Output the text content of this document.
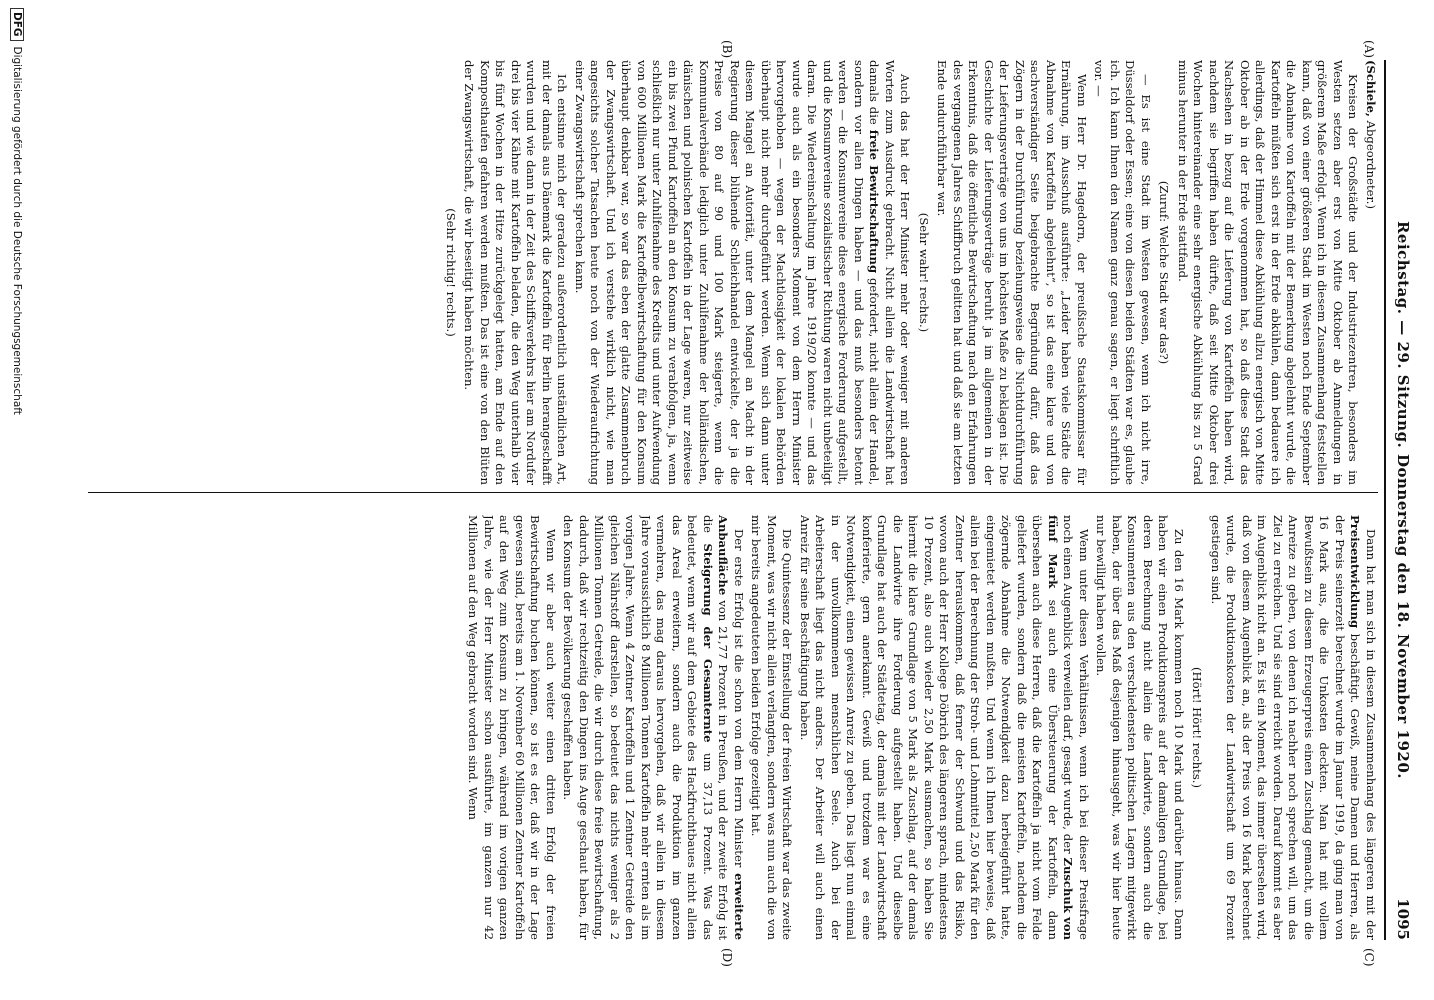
Reichstag. — 29. Sitzung. Donnerstag den 18. November 1920.
1095
(A)
(B)
(C)
(D)

(Schiele, Abgeordneter.)

Kreisen der Großstädte und der Industriezentren, besonders im Westen setzen aber erst von Mitte Oktober ab Anmeldungen in größerem Maße erfolgt. Wenn ich in diesem Zusammenhang feststellen kann, daß von einer größeren Stadt im Westen noch Ende September die Abnahme von Kartoffeln mit der Bemerkung abgelehnt wurde, die Kartoffeln müßten sich erst in der Erde abkühlen, dann bedauere ich allerdings, daß der Himmel diese Abkühlung allzu energisch von Mitte Oktober ab in der Erde vorgenommen hat, so daß diese Stadt das Nachsehen in bezug auf die Lieferung von Kartoffeln haben wird, nachdem sie begriffen haben dürfte, daß seit Mitte Oktober drei Wochen hintereinander eine sehr energische Abkühlung bis zu 5 Grad minus herunter in der Erde stattfand.

(Zuruf: Welche Stadt war das?)

— Es ist eine Stadt im Westen gewesen, wenn ich nicht irre, Düsseldorf oder Essen; eine von diesen beiden Städten war es, glaube ich. Ich kann Ihnen den Namen ganz genau sagen, er liegt schriftlich vor. —

Wenn Herr Dr. Hagedorn, der preußische Staatskommissar für Ernährung, im Ausschuß ausführte: „Leider haben viele Städte die Abnahme von Kartoffeln abgelehnt“, so ist das eine klare und von sachverständiger Seite beigebrachte Begründung dafür, daß das Zögern in der Durchführung beziehungsweise die Nichtdurchführung der Lieferungsverträge von uns im höchsten Maße zu beklagen ist. Die Geschichte der Lieferungsverträge beruht ja im allgemeinen in der Erkenntnis, daß die öffentliche Bewirtschaftung nach den Erfahrungen des vergangenen Jahres Schiffbruch gelitten hat und daß sie am letzten Ende undurchführbar war.

(Sehr wahr! rechts.)

Auch das hat der Herr Minister mehr oder weniger mit anderen Worten zum Ausdruck gebracht. Nicht allein die Landwirtschaft hat damals die freie Bewirtschaftung gefordert, nicht allein der Handel, sondern vor allen Dingen haben — und das muß besonders betont werden — die Konsumvereine diese energische Forderung aufgestellt, und die Konsumvereine sozialistischer Richtung waren nicht unbeteiligt daran. Die Wiedereinschaltung im Jahre 1919/20 konnte — und das wurde auch als ein besonders Moment von dem Herrn Minister hervorgehoben — wegen der Machtlosigkeit der lokalen Behörden überhaupt nicht mehr durchgeführt werden. Wenn sich dann unter diesem Mangel an Autorität, unter dem Mangel an Macht in der Regierung dieser blühende Schleichhandel entwickelte, der ja die Preise von 80 auf 90 und 100 Mark steigerte, wenn die Kommunalverbände lediglich unter Zuhilfenahme der holländischen, dänischen und polnischen Kartoffeln in der Lage waren, nur zeitweise ein bis zwei Pfund Kartoffeln an den Konsum zu verabfolgen, ja, wenn schließlich nur unter Zuhilfenahme des Kredits und unter Aufwendung von 600 Millionen Mark die Kartoffelbewirtschaftung für den Konsum überhaupt denkbar war, so war das eben der glatte Zusammenbruch der Zwangswirtschaft. Und ich verstehe wirklich nicht, wie man angesichts solcher Tatsachen heute noch von der Wiederaufrichtung einer Zwangswirtschaft sprechen kann.

Ich entsinne mich der geradezu außerordentlich unständlichen Art, mit der damals aus Dänemark die Kartoffeln für Berlin herangeschafft wurden und wie dann in der Zeit des Schiffsverkehrs hier am Nordufer drei bis vier Kähne mit Kartoffeln beladen, die den Weg unterhalb vier bis fünf Wochen in der Hitze zurückgelegt hatten, am Ende auf den Komposthaufen gefahren werden mußten. Das ist eine von den Blüten der Zwangswirtschaft, die wir beseitigt haben möchten.

(Sehr richtig! rechts.)

Dann hat man sich in diesem Zusammenhang des längeren mit der Preisentwicklung beschäftigt. Gewiß, meine Damen und Herren, als der Preis seinerzeit berechnet wurde im Januar 1919, da ging man von 16 Mark aus, die die Unkosten deckten. Man hat mit vollem Bewußtsein zu diesem Erzeugerpreis einen Zuschlag gemacht, um die Anreize zu geben, von denen ich nachher noch sprechen will, um das Ziel zu erreichen. Und sie sind erreicht worden. Darauf kommt es aber im Augenblick nicht an. Es ist ein Moment, das immer übersehen wird, daß von diesem Augenblick an, als der Preis von 16 Mark berechnet wurde, die Produktionskosten der Landwirtschaft um 69 Prozent gestiegen sind.

(Hört! Hört! rechts.)

Zu den 16 Mark kommen noch 10 Mark und darüber hinaus. Dann haben wir einen Produktionspreis auf der damaligen Grundlage, bei deren Berechnung nicht allein die Landwirte, sondern auch die Konsumenten aus den verschiedensten politischen Lagern mitgewirkt haben, der über das Maß desjenigen hinausgeht, was wir hier heute nur bewilligt haben wollen.

Wenn unter diesen Verhältnissen, wenn ich bei dieser Preisfrage noch einen Augenblick verweilen darf, gesagt wurde, der Zuschuk von fünf Mark sei auch eine Übersteuerung der Kartoffeln, dann übersehen auch diese Herren, daß die Kartoffeln ja nicht vom Felde geliefert wurden, sondern daß die meisten Kartoffeln, nachdem die zögernde Abnahme die Notwendigkeit dazu herbeigeführt hatte, eingemietet werden mußten. Und wenn ich Ihnen hier beweise, daß allein bei der Berechnung der Stroh- und Lohnmittel 2,50 Mark für den Zentner herauskommen, daß ferner der Schwund und das Risiko, wovon auch der Herr Kollege Döbrich des längeren sprach, mindestens 10 Prozent, also auch wieder 2,50 Mark ausmachen, so haben Sie hiermit die klare Grundlage von 5 Mark als Zuschlag, auf der damals die Landwirte ihre Forderung aufgestellt haben. Und dieselbe Grundlage hat auch der Städtetag, der damals mit der Landwirtschaft konferierte, gern anerkannt. Gewiß und trotzdem war es eine Notwendigkeit, einen gewissen Anreiz zu geben. Das liegt nun einmal in der unvollkommenen menschlichen Seele. Auch bei der Arbeiterschaft liegt das nicht anders. Der Arbeiter will auch einen Anreiz für seine Beschäftigung haben.

Die Quintessenz der Einstellung der freien Wirtschaft war das zweite Moment, was wir nicht allein verlangten, sondern was nun auch die von mir bereits angedeuteten beiden Erfolge gezeitigt hat.

Der erste Erfolg ist die schon von dem Herrn Minister erweiterte Anbaufläche von 21,77 Prozent in Preußen, und der zweite Erfolg ist die Steigerung der Gesamternte um 37,13 Prozent. Was das bedeutet, wenn wir auf dem Gebiete des Hackfruchtbaues nicht allein das Areal erweitern, sondern auch die Produktion im ganzen vermehren, das mag daraus hervorgehen, daß wir allein in diesem Jahre voraussichtlich 8 Millionen Tonnen Kartoffeln mehr ernten als im vorigen Jahre. Wenn 4 Zentner Kartoffeln und 1 Zentner Getreide den gleichen Nährstoff darstellen, so bedeutet das nichts weniger als 2 Millionen Tonnen Getreide, die wir durch diese freie Bewirtschaftung, dadurch, daß wir rechtzeitig den Dingen ins Auge geschaut haben, für den Konsum der Bevölkerung geschaffen haben.

Wenn wir aber auch weiter einen dritten Erfolg der freien Bewirtschaftung buchen können, so ist es der, daß wir in der Lage gewesen sind, bereits am 1. November 60 Millionen Zentner Kartoffeln auf den Weg zum Konsum zu bringen, während im vorigen ganzen Jahre, wie der Herr Minister schon ausführte, im ganzen nur 42 Millionen auf den Weg gebracht worden sind. Wenn

DFGDigitalisierung gefördert durch die Deutsche Forschungsgemeinschaft
